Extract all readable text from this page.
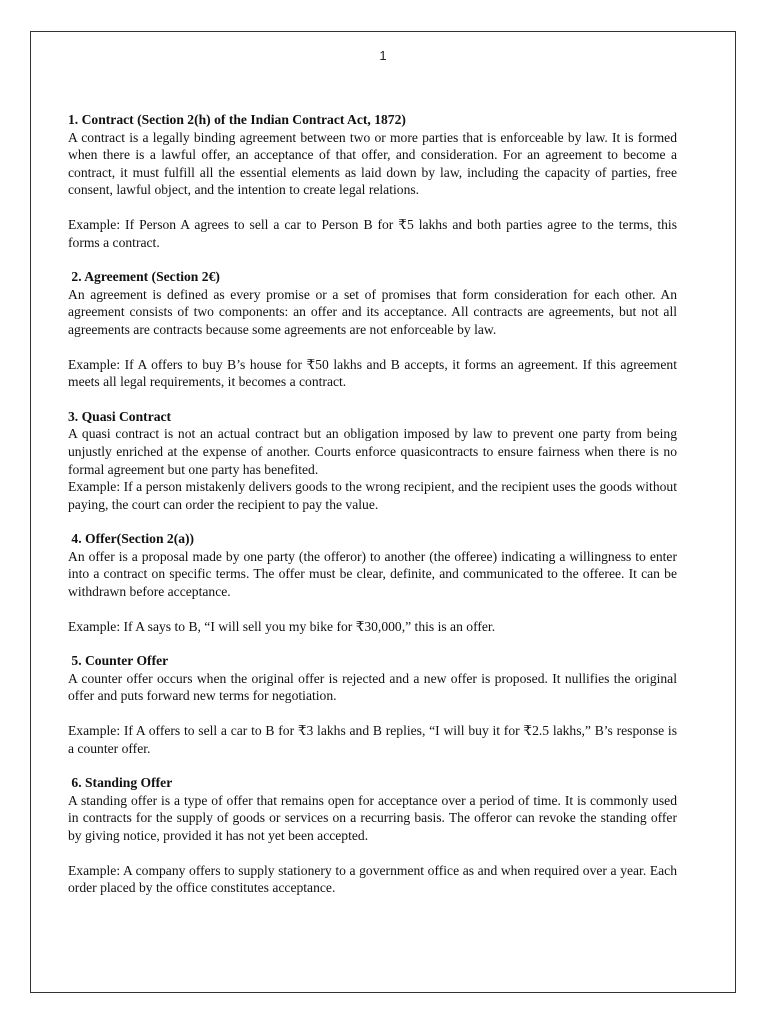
1

1. Contract (Section 2(h) of the Indian Contract Act, 1872)

A contract is a legally binding agreement between two or more parties that is enforceable by law. It is formed when there is a lawful offer, an acceptance of that offer, and consideration. For an agreement to become a contract, it must fulfill all the essential elements as laid down by law, including the capacity of parties, free consent, lawful object, and the intention to create legal relations.

Example: If Person A agrees to sell a car to Person B for ₹5 lakhs and both parties agree to the terms, this forms a contract.

2. Agreement (Section 2€)

An agreement is defined as every promise or a set of promises that form consideration for each other. An agreement consists of two components: an offer and its acceptance. All contracts are agreements, but not all agreements are contracts because some agreements are not enforceable by law.

Example: If A offers to buy B’s house for ₹50 lakhs and B accepts, it forms an agreement. If this agreement meets all legal requirements, it becomes a contract.

3. Quasi Contract

A quasi contract is not an actual contract but an obligation imposed by law to prevent one party from being unjustly enriched at the expense of another. Courts enforce quasicontracts to ensure fairness when there is no formal agreement but one party has benefited.

Example: If a person mistakenly delivers goods to the wrong recipient, and the recipient uses the goods without paying, the court can order the recipient to pay the value.

4. Offer(Section 2(a))

An offer is a proposal made by one party (the offeror) to another (the offeree) indicating a willingness to enter into a contract on specific terms. The offer must be clear, definite, and communicated to the offeree. It can be withdrawn before acceptance.

Example: If A says to B, “I will sell you my bike for ₹30,000,” this is an offer.

5. Counter Offer

A counter offer occurs when the original offer is rejected and a new offer is proposed. It nullifies the original offer and puts forward new terms for negotiation.

Example: If A offers to sell a car to B for ₹3 lakhs and B replies, “I will buy it for ₹2.5 lakhs,” B’s response is a counter offer.

6. Standing Offer

A standing offer is a type of offer that remains open for acceptance over a period of time. It is commonly used in contracts for the supply of goods or services on a recurring basis. The offeror can revoke the standing offer by giving notice, provided it has not yet been accepted.

Example: A company offers to supply stationery to a government office as and when required over a year. Each order placed by the office constitutes acceptance.
